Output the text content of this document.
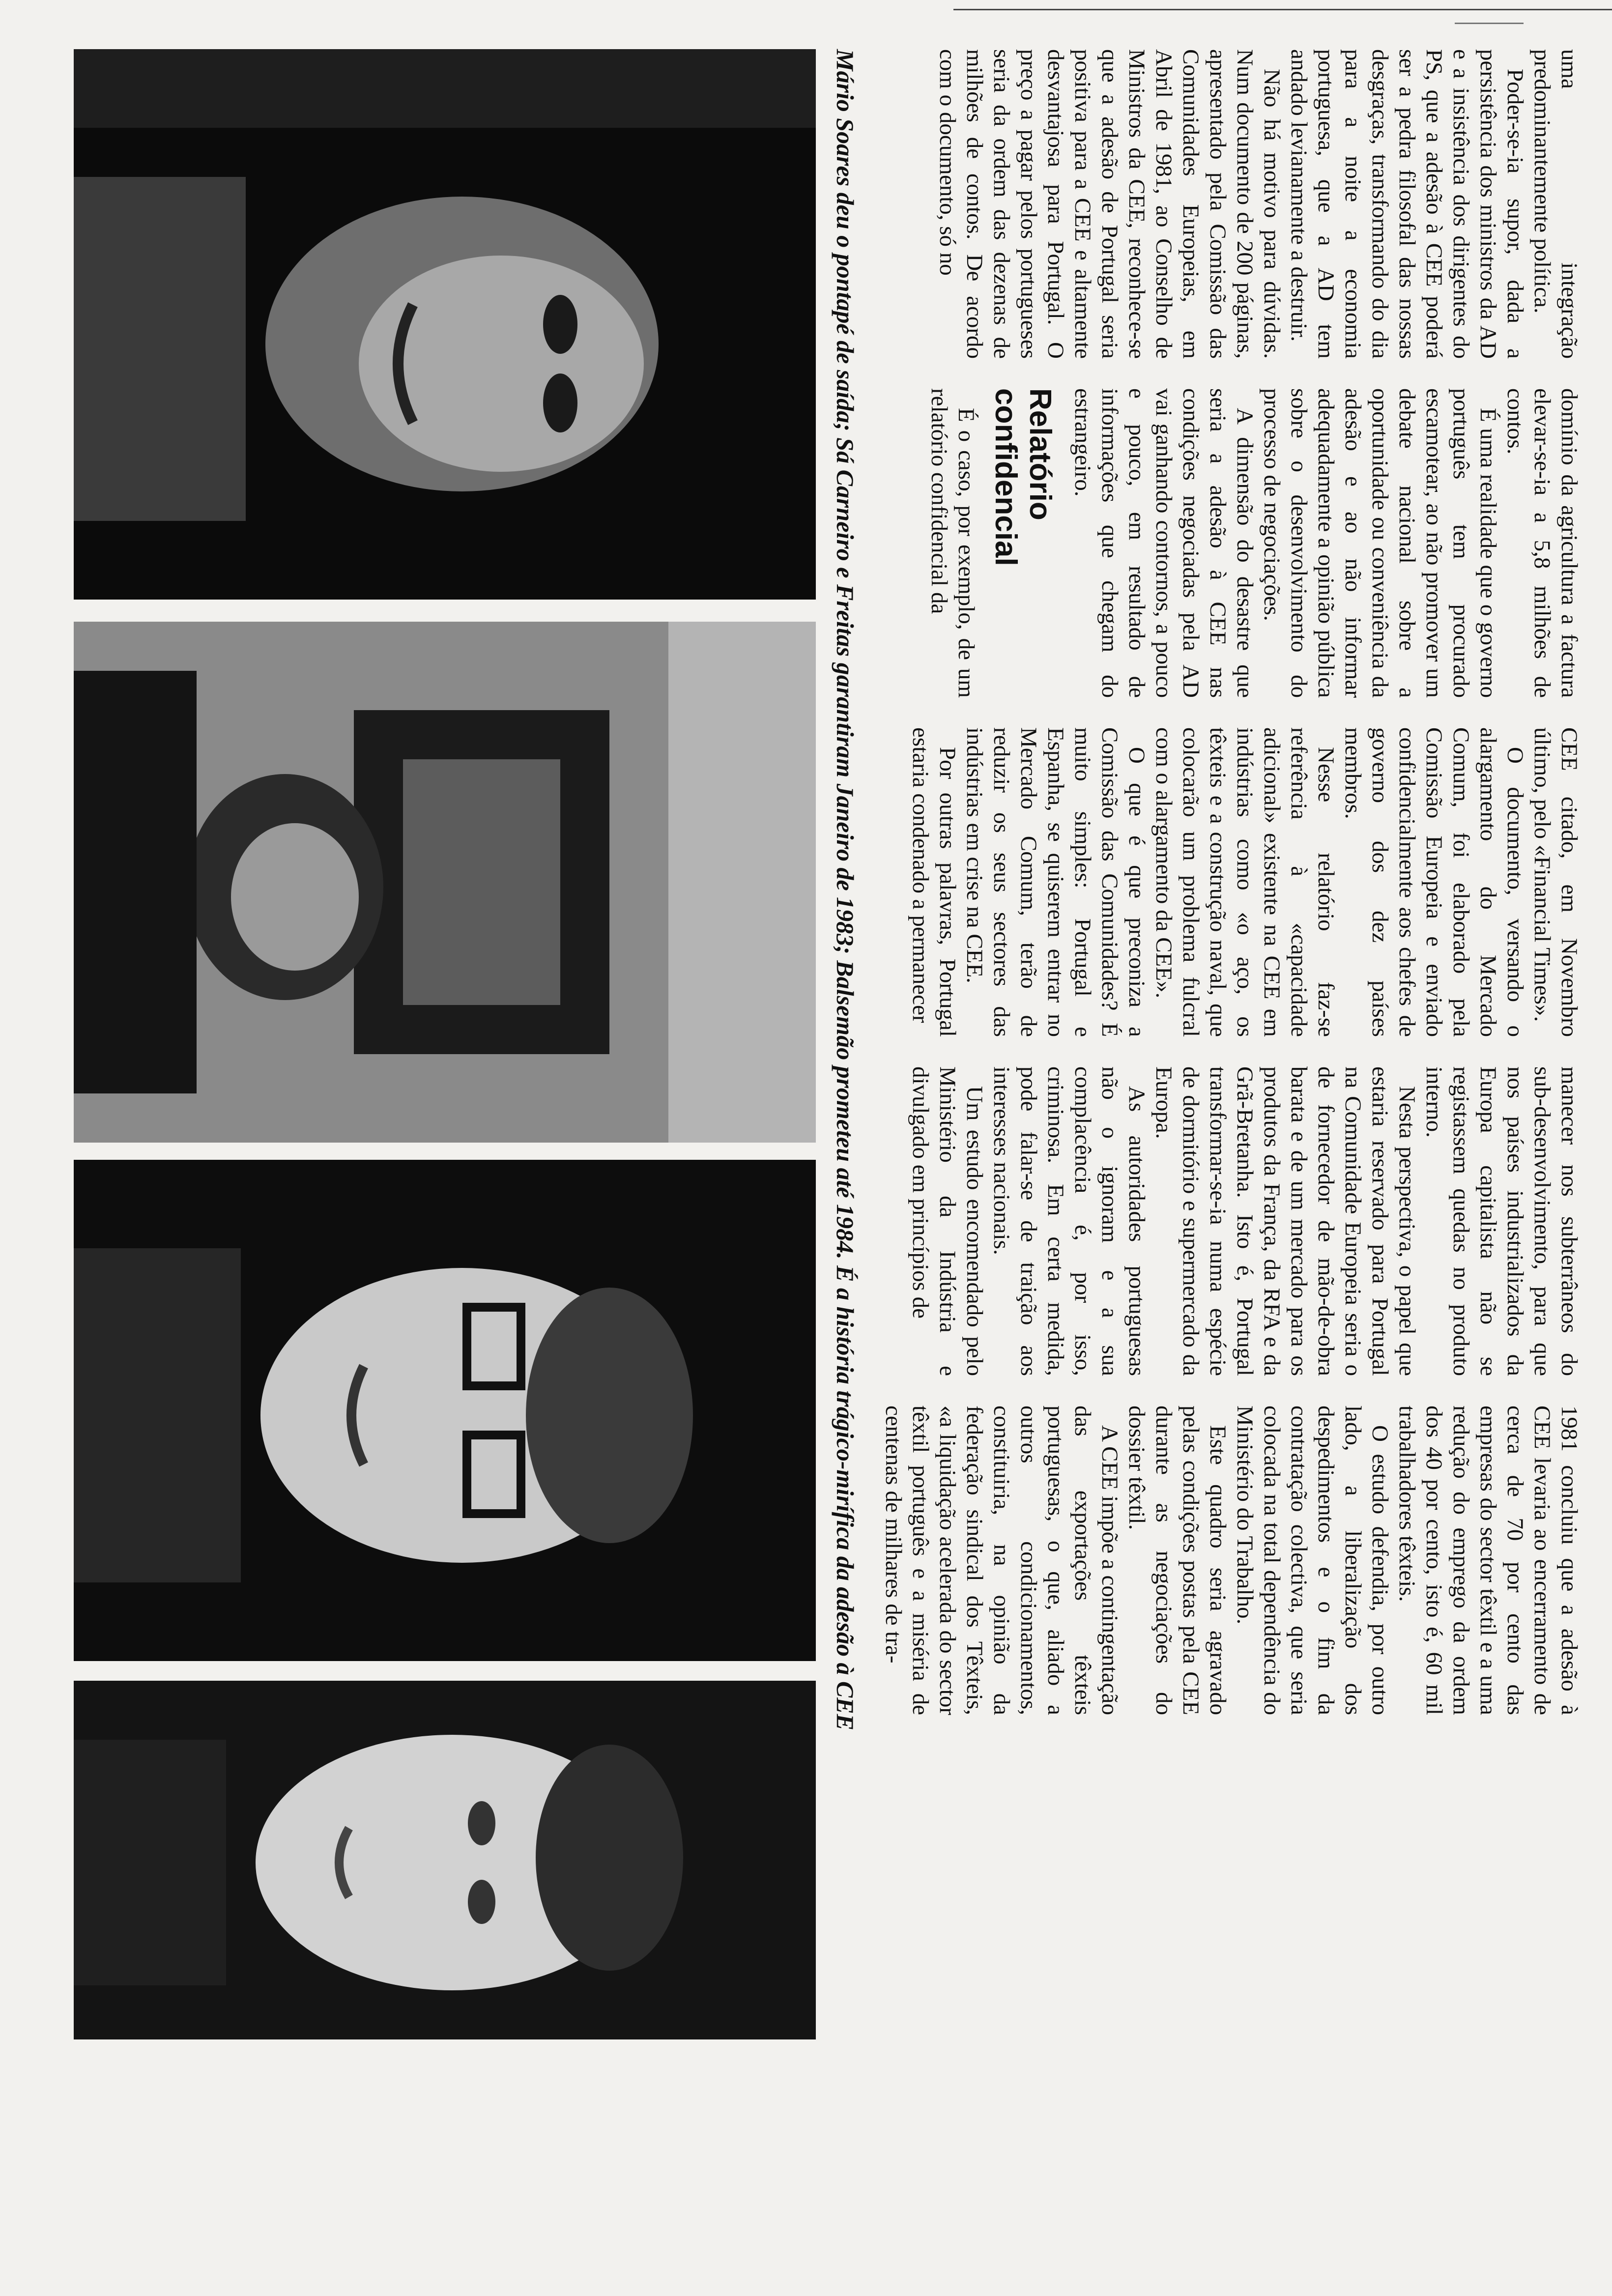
uma integração predominantemente política.

Poder-se-ia supor, dada a persistência dos ministros da AD e a insistência dos dirigentes do PS, que a adesão à CEE poderá ser a pedra filosofal das nossas desgraças, transformando do dia para a noite a economia portuguesa, que a AD tem andado levianamente a destruir.

Não há motivo para dúvidas. Num documento de 200 páginas, apresentado pela Comissão das Comunidades Europeias, em Abril de 1981, ao Conselho de Ministros da CEE, reconhece-se que a adesão de Portugal seria positiva para a CEE e altamente desvantajosa para Portugal. O preço a pagar pelos portugueses seria da ordem das dezenas de milhões de contos. De acordo com o documento, só no

domínio da agricultura a factura elevar-se-ia a 5,8 milhões de contos.

É uma realidade que o governo português tem procurado escamotear, ao não promover um debate nacional sobre a oportunidade ou conveniência da adesão e ao não informar adequadamente a opinião pública sobre o desenvolvimento do processo de negociações.

A dimensão do desastre que seria a adesão à CEE nas condições negociadas pela AD vai ganhando contornos, a pouco e pouco, em resultado de informações que chegam do estrangeiro.

Relatório confidencial

É o caso, por exemplo, de um relatório confidencial da

CEE citado, em Novembro último, pelo «Financial Times».

O documento, versando o alargamento do Mercado Comum, foi elaborado pela Comissão Europeia e enviado confidencialmente aos chefes de governo dos dez países membros.

Nesse relatório faz-se referência à «capacidade adicional» existente na CEE em indústrias como «o aço, os têxteis e a construção naval, que colocarão um problema fulcral com o alargamento da CEE».

O que é que preconiza a Comissão das Comunidades? É muito simples: Portugal e Espanha, se quiserem entrar no Mercado Comum, terão de reduzir os seus sectores das indústrias em crise na CEE.

Por outras palavras, Portugal estaria condenado a permanecer

manecer nos subterrâneos do sub-desenvolvimento, para que nos países industrializados da Europa capitalista não se registassem quedas no produto interno.

Nesta perspectiva, o papel que estaria reservado para Portugal na Comunidade Europeia seria o de fornecedor de mão-de-obra barata e de um mercado para os produtos da França, da RFA e da Grã-Bretanha. Isto é, Portugal transformar-se-ia numa espécie de dormitório e supermercado da Europa.

As autoridades portuguesas não o ignoram e a sua complacência é, por isso, criminosa. Em certa medida, pode falar-se de traição aos interesses nacionais.

Um estudo encomendado pelo Ministério da Indústria e divulgado em princípios de

1981 concluiu que a adesão à CEE levaria ao encerramento de cerca de 70 por cento das empresas do sector têxtil e a uma redução do emprego da ordem dos 40 por cento, isto é, 60 mil trabalhadores têxteis.

O estudo defendia, por outro lado, a liberalização dos despedimentos e o fim da contratação colectiva, que seria colocada na total dependência do Ministério do Trabalho.

Este quadro seria agravado pelas condições postas pela CEE durante as negociações do dossier têxtil.

A CEE impõe a contingentação das exportações têxteis portuguesas, o que, aliado a outros condicionamentos, constituiria, na opinião da federação sindical dos Têxteis, «a liquidação acelerada do sector têxtil português e a miséria de centenas de milhares de tra-

Mário Soares deu o pontapé de saída; Sá Carneiro e Freitas garantiram Janeiro de 1983; Balsemão prometeu até 1984. É a história trágico-mirífica da adesão à CEE
